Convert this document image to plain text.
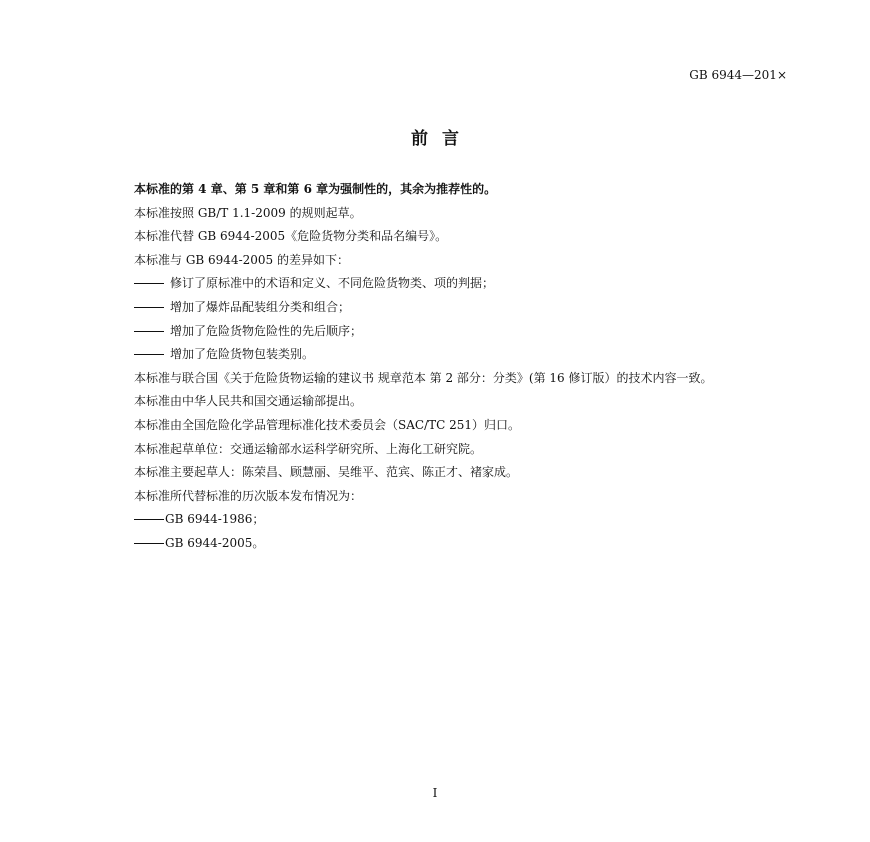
GB 6944—201×
前言

本标准的第 4 章、第 5 章和第 6 章为强制性的，其余为推荐性的。

本标准按照 GB/T 1.1-2009 的规则起草。

本标准代替 GB 6944-2005《危险货物分类和品名编号》。

本标准与 GB 6944-2005 的差异如下：

修订了原标准中的术语和定义、不同危险货物类、项的判据；

增加了爆炸品配装组分类和组合；

增加了危险货物危险性的先后顺序；

增加了危险货物包装类别。

本标准与联合国《关于危险货物运输的建议书 规章范本 第 2 部分：分类》(第 16 修订版）的技术内容一致。

本标准由中华人民共和国交通运输部提出。

本标准由全国危险化学品管理标准化技术委员会（SAC/TC 251）归口。

本标准起草单位：交通运输部水运科学研究所、上海化工研究院。

本标准主要起草人：陈荣昌、顾慧丽、吴维平、范宾、陈正才、褚家成。

本标准所代替标准的历次版本发布情况为：

GB 6944-1986；

GB 6944-2005。

I
